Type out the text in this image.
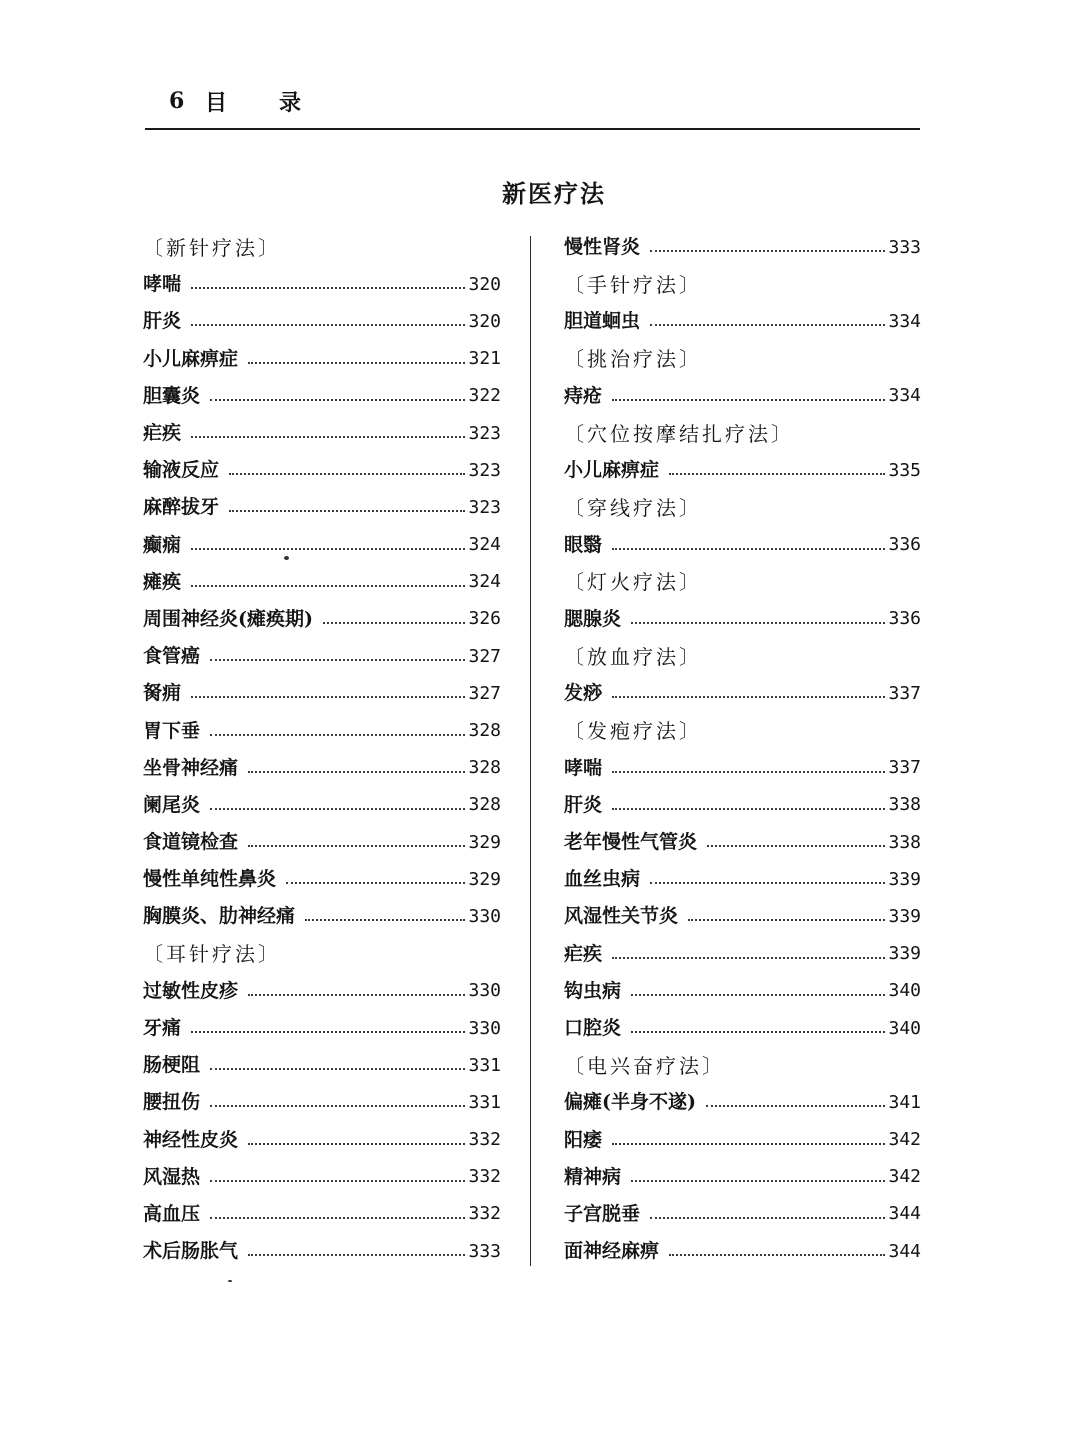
6 目 录
新医疗法
〔新针疗法〕
哮喘	320
肝炎	320
小儿麻痹症	321
胆囊炎	322
疟疾	323
输液反应	323
麻醉拔牙	323
癫痫	324
瘫痪	324
周围神经炎(瘫痪期)	326
食管癌	327
胬痈	327
胃下垂	328
坐骨神经痛	328
阑尾炎	328
食道镜检查	329
慢性单纯性鼻炎	329
胸膜炎、肋神经痛	330
〔耳针疗法〕
过敏性皮疹	330
牙痛	330
肠梗阻	331
腰扭伤	331
神经性皮炎	332
风湿热	332
高血压	332
术后肠胀气	333
慢性肾炎	333
〔手针疗法〕
胆道蛔虫	334
〔挑治疗法〕
痔疮	334
〔穴位按摩结扎疗法〕
小儿麻痹症	335
〔穿线疗法〕
眼翳	336
〔灯火疗法〕
腮腺炎	336
〔放血疗法〕
发痧	337
〔发疱疗法〕
哮喘	337
肝炎	338
老年慢性气管炎	338
血丝虫病	339
风湿性关节炎	339
疟疾	339
钩虫病	340
口腔炎	340
〔电兴奋疗法〕
偏瘫(半身不遂)	341
阳痿	342
精神病	342
子宫脱垂	344
面神经麻痹	344
